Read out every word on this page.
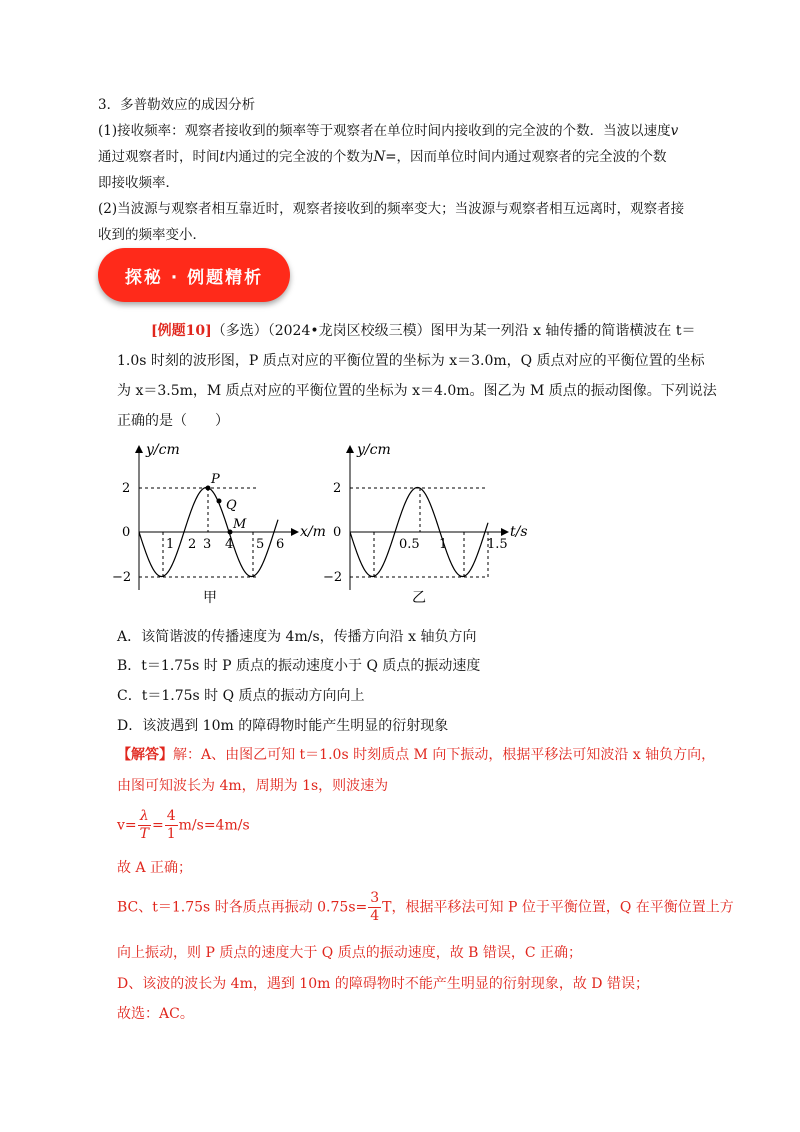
3．多普勒效应的成因分析
(1)接收频率：观察者接收到的频率等于观察者在单位时间内接收到的完全波的个数．当波以速度v
通过观察者时，时间t内通过的完全波的个数为N=，因而单位时间内通过观察者的完全波的个数
即接收频率．
(2)当波源与观察者相互靠近时，观察者接收到的频率变大；当波源与观察者相互远离时，观察者接
收到的频率变小．
探秘 · 例题精析
[例题10]（多选）（2024•龙岗区校级三模）图甲为某一列沿 x 轴传播的简谐横波在 t＝
1.0s 时刻的波形图，P 质点对应的平衡位置的坐标为 x＝3.0m，Q 质点对应的平衡位置的坐标
为 x＝3.5m，M 质点对应的平衡位置的坐标为 x＝4.0m。图乙为 M 质点的振动图像。下列说法
正确的是（　　）
y/cm
x/m
2
0
−2
1 2 3 4 5 6
P
Q
M
甲
y/cm
t/s
2
0
−2
0.5 1	1.5
乙
A．该简谐波的传播速度为 4m/s，传播方向沿 x 轴负方向
B．t＝1.75s 时 P 质点的振动速度小于 Q 质点的振动速度
C．t＝1.75s 时 Q 质点的振动方向向上
D．该波遇到 10m 的障碍物时能产生明显的衍射现象
【解答】解：A、由图乙可知 t＝1.0s 时刻质点 M 向下振动，根据平移法可知波沿 x 轴负方向，
由图可知波长为 4m，周期为 1s，则波速为
$v= \frac{\lambda}{T} = \frac{4}{1} m/s=4m/s$
故 A 正确；
BC、t＝1.75s 时各质点再振动 $0.75s= \frac{3}{4}$ T，根据平移法可知 P 位于平衡位置，Q 在平衡位置上方
向上振动，则 P 质点的速度大于 Q 质点的振动速度，故 B 错误，C 正确；
D、该波的波长为 4m，遇到 10m 的障碍物时不能产生明显的衍射现象，故 D 错误；
故选：AC。
